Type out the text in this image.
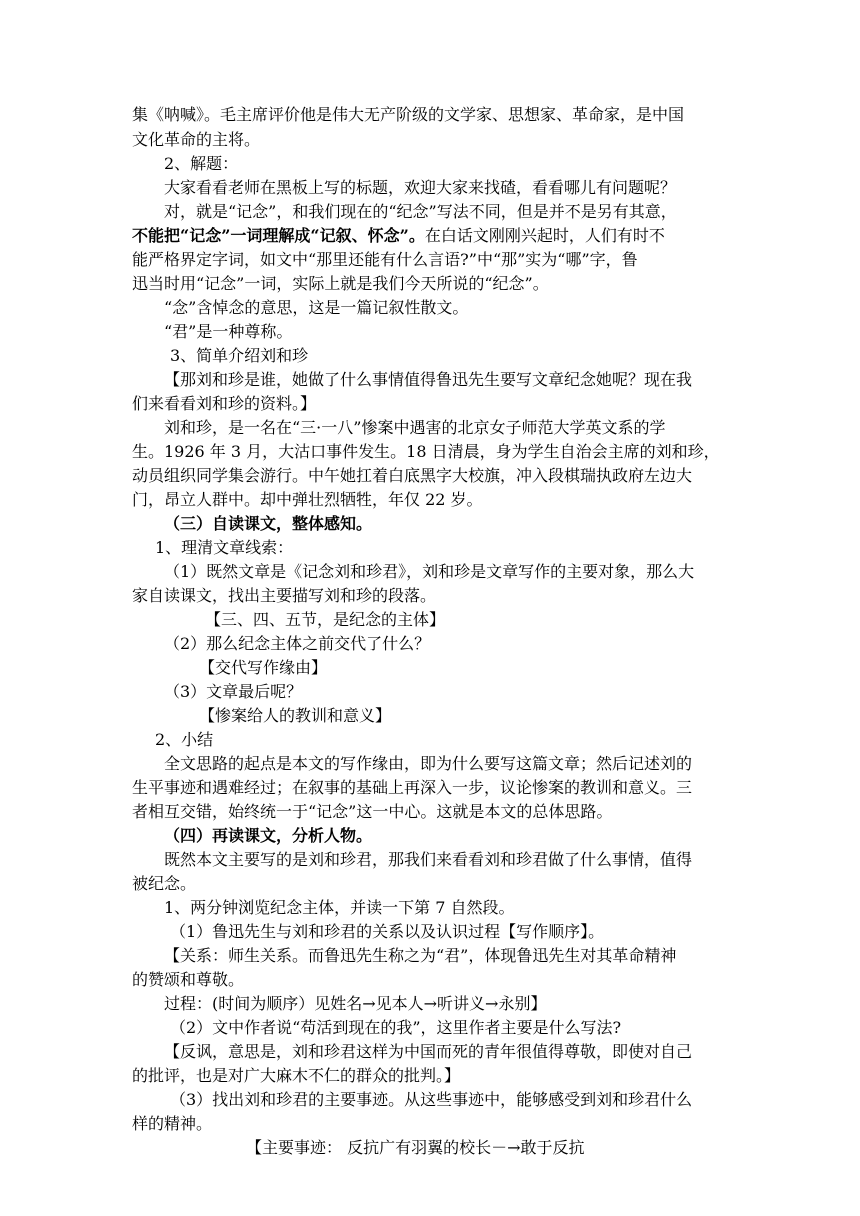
集《呐喊》。毛主席评价他是伟大无产阶级的文学家、思想家、革命家，是中国
文化革命的主将。
2、解题：
大家看看老师在黑板上写的标题，欢迎大家来找碴，看看哪儿有问题呢？
对，就是“记念”，和我们现在的“纪念”写法不同，但是并不是另有其意，
不能把“记念”一词理解成“记叙、怀念”。在白话文刚刚兴起时，人们有时不
能严格界定字词，如文中“那里还能有什么言语?”中“那”实为“哪”字，鲁
迅当时用“记念”一词，实际上就是我们今天所说的“纪念”。
“念”含悼念的意思，这是一篇记叙性散文。
“君”是一种尊称。
3、简单介绍刘和珍
【那刘和珍是谁，她做了什么事情值得鲁迅先生要写文章纪念她呢？现在我
们来看看刘和珍的资料。】
刘和珍，是一名在“三·一八”惨案中遇害的北京女子师范大学英文系的学
生。1926 年 3 月，大沽口事件发生。18 日清晨，身为学生自治会主席的刘和珍，
动员组织同学集会游行。中午她扛着白底黑字大校旗，冲入段棋瑞执政府左边大
门，昂立人群中。却中弹壮烈牺牲，年仅 22 岁。
（三）自读课文，整体感知。
1、理清文章线索：
（1）既然文章是《记念刘和珍君》，刘和珍是文章写作的主要对象，那么大
家自读课文，找出主要描写刘和珍的段落。
【三、四、五节，是纪念的主体】
（2）那么纪念主体之前交代了什么？
【交代写作缘由】
（3）文章最后呢？
【惨案给人的教训和意义】
2、小结
全文思路的起点是本文的写作缘由，即为什么要写这篇文章；然后记述刘的
生平事迹和遇难经过；在叙事的基础上再深入一步，议论惨案的教训和意义。三
者相互交错，始终统一于“记念”这一中心。这就是本文的总体思路。
（四）再读课文，分析人物。
既然本文主要写的是刘和珍君，那我们来看看刘和珍君做了什么事情，值得
被纪念。
1、两分钟浏览纪念主体，并读一下第 7 自然段。
（1）鲁迅先生与刘和珍君的关系以及认识过程【写作顺序】。
【关系：师生关系。而鲁迅先生称之为“君”，体现鲁迅先生对其革命精神
的赞颂和尊敬。
过程：(时间为顺序）见姓名→见本人→听讲义→永别】
（2）文中作者说“苟活到现在的我”，这里作者主要是什么写法?
【反讽，意思是，刘和珍君这样为中国而死的青年很值得尊敬，即使对自己
的批评，也是对广大麻木不仁的群众的批判。】
（3）找出刘和珍君的主要事迹。从这些事迹中，能够感受到刘和珍君什么
样的精神。
【主要事迹： 反抗广有羽翼的校长－→敢于反抗
